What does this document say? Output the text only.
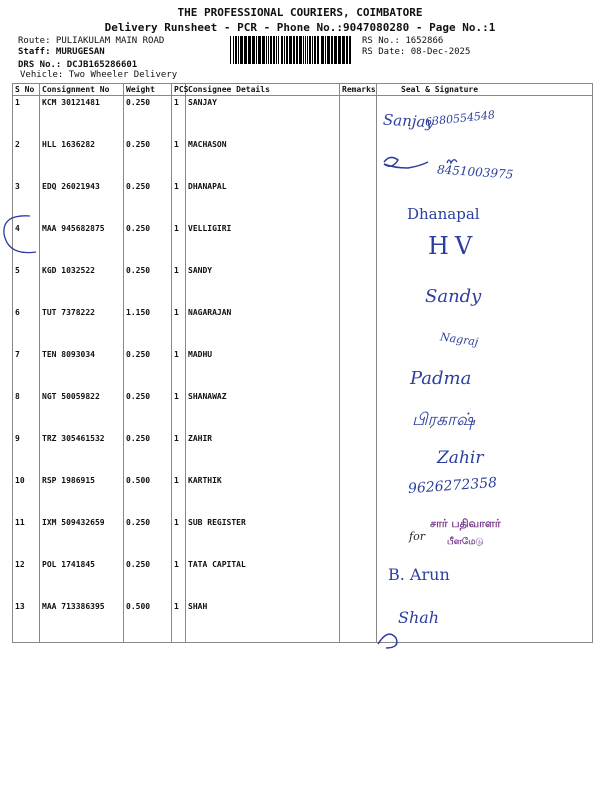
THE PROFESSIONAL COURIERS, COIMBATORE
Delivery Runsheet - PCR - Phone No.:9047080280 - Page No.:1
Route: PULIAKULAM MAIN ROAD
Staff: MURUGESAN
DRS No.: DCJB165286601
Vehicle: Two Wheeler Delivery
RS No.: 1652866
RS Date: 08-Dec-2025
S No	Consignment No	Weight	PCS	Consignee Details	Remarks	Seal & Signature
1	KCM 30121481	0.250	1	SANJAY		
2	HLL 1636282	0.250	1	MACHASON		
3	EDQ 26021943	0.250	1	DHANAPAL		
4	MAA 945682875	0.250	1	VELLIGIRI		
5	KGD 1032522	0.250	1	SANDY		
6	TUT 7378222	1.150	1	NAGARAJAN		
7	TEN 8093034	0.250	1	MADHU		
8	NGT 50059822	0.250	1	SHANAWAZ		
9	TRZ 305461532	0.250	1	ZAHIR		
10	RSP 1986915	0.500	1	KARTHIK		
11	IXM 509432659	0.250	1	SUB REGISTER		
12	POL 1741845	0.250	1	TATA CAPITAL		
13	MAA 713386395	0.500	1	SHAH		
Sanjay
6380554548
8451003975
Dhanapal
HV
Sandy
Nagraj
Padma
பிரகாஷ்
Zahir
9626272358
for
சார் பதிவாளர்
பீளமேடு
B. Arun
Shah
